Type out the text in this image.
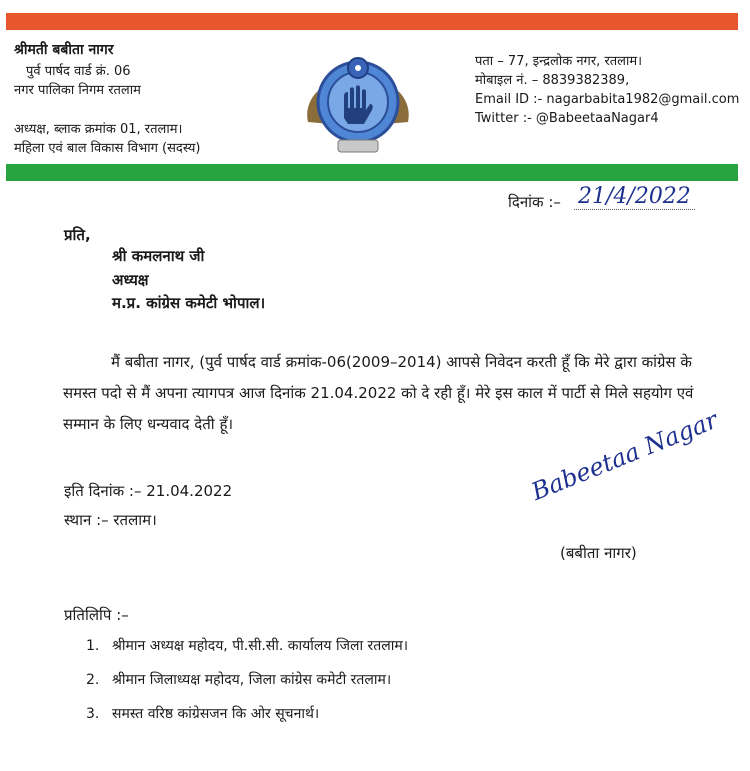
श्रीमती बबीता नागर
पुर्व पार्षद वार्ड क्रं. 06
नगर पालिका निगम रतलाम
अध्यक्ष, ब्लाक क्रमांक 01, रतलाम।
महिला एवं बाल विकास विभाग (सदस्य)
पता – 77, इन्द्रलोक नगर, रतलाम।
मोबाइल नं. – 8839382389,
Email ID :- nagarbabita1982@gmail.com
Twitter :- @BabeetaaNagar4
दिनांक :– 21/4/2022
प्रति,
श्री कमलनाथ जी
अध्यक्ष
म.प्र. कांग्रेस कमेटी भोपाल।

मैं बबीता नागर, (पुर्व पार्षद वार्ड क्रमांक-06(2009–2014) आपसे निवेदन करती हूँ कि मेरे द्वारा कांग्रेस के समस्त पदो से मैं अपना त्यागपत्र आज दिनांक 21.04.2022 को दे रही हूँ। मेरे इस काल में पार्टी से मिले सहयोग एवं सम्मान के लिए धन्यवाद देती हूँ।

इति दिनांक :– 21.04.2022
स्थान :– रतलाम।
Babeetaa Nagar
(बबीता नागर)
प्रतिलिपि :–
1. श्रीमान अध्यक्ष महोदय, पी.सी.सी. कार्यालय जिला रतलाम।
2. श्रीमान जिलाध्यक्ष महोदय, जिला कांग्रेस कमेटी रतलाम।
3. समस्त वरिष्ठ कांग्रेसजन कि ओर सूचनार्थ।
